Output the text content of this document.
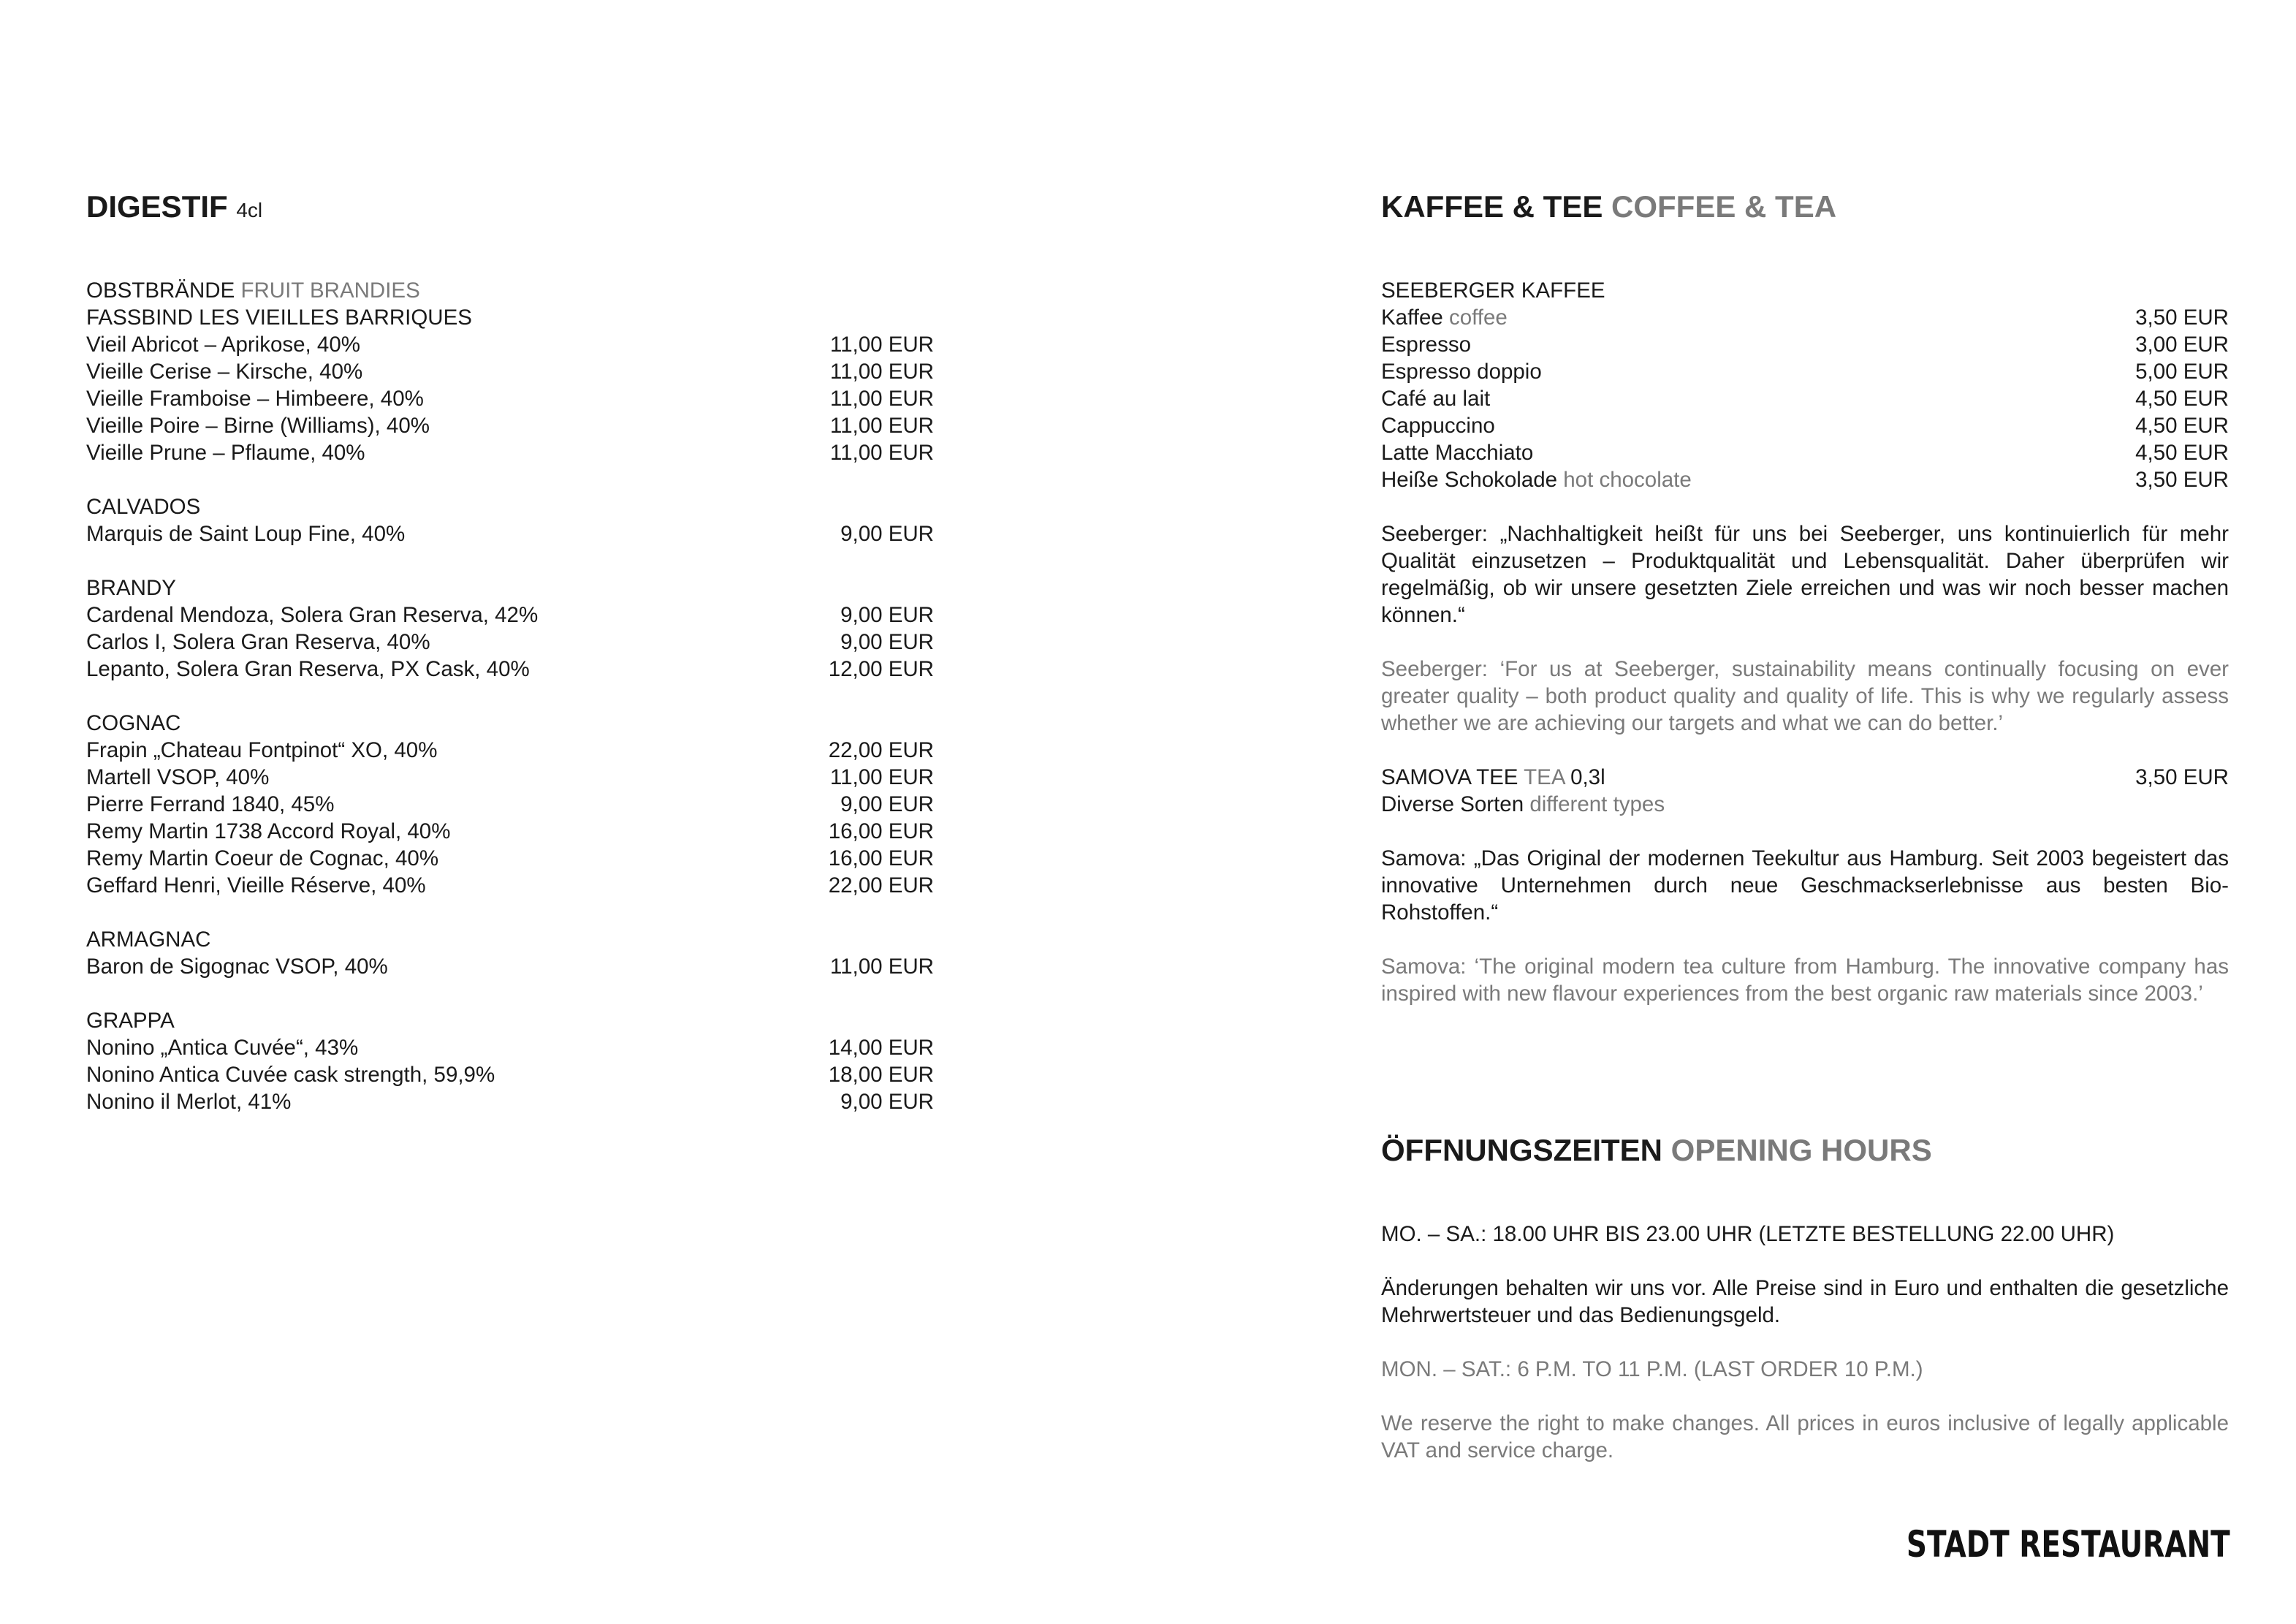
DIGESTIF 4cl
OBSTBRÄNDE FRUIT BRANDIES
FASSBIND LES VIEILLES BARRIQUES
Vieil Abricot – Aprikose, 40%	11,00 EUR
Vieille Cerise – Kirsche, 40%	11,00 EUR
Vieille Framboise – Himbeere, 40%	11,00 EUR
Vieille Poire – Birne (Williams), 40%	11,00 EUR
Vieille Prune – Pflaume, 40%	11,00 EUR
CALVADOS
Marquis de Saint Loup Fine, 40%	9,00 EUR
BRANDY
Cardenal Mendoza, Solera Gran Reserva, 42%	9,00 EUR
Carlos I, Solera Gran Reserva, 40%	9,00 EUR
Lepanto, Solera Gran Reserva, PX Cask, 40%	12,00 EUR
COGNAC
Frapin „Chateau Fontpinot“ XO, 40%	22,00 EUR
Martell VSOP, 40%	11,00 EUR
Pierre Ferrand 1840, 45%	9,00 EUR
Remy Martin 1738 Accord Royal, 40%	16,00 EUR
Remy Martin Coeur de Cognac, 40%	16,00 EUR
Geffard Henri, Vieille Réserve, 40%	22,00 EUR
ARMAGNAC
Baron de Sigognac VSOP, 40%	11,00 EUR
GRAPPA
Nonino „Antica Cuvée“, 43%	14,00 EUR
Nonino Antica Cuvée cask strength, 59,9%	18,00 EUR
Nonino il Merlot, 41%	9,00 EUR
KAFFEE & TEE COFFEE & TEA
SEEBERGER KAFFEE
Kaffee coffee	3,50 EUR
Espresso	3,00 EUR
Espresso doppio	5,00 EUR
Café au lait	4,50 EUR
Cappuccino	4,50 EUR
Latte Macchiato	4,50 EUR
Heiße Schokolade hot chocolate	3,50 EUR

Seeberger: „Nachhaltigkeit heißt für uns bei Seeberger, uns kontinuierlich für mehr Qualität einzusetzen – Produktqualität und Lebensqualität. Daher überprüfen wir regelmäßig, ob wir unsere gesetzten Ziele erreichen und was wir noch besser machen können.“

Seeberger: ‘For us at Seeberger, sustainability means continually focusing on ever greater quality – both product quality and quality of life. This is why we regularly assess whether we are achieving our targets and what we can do better.’

SAMOVA TEE TEA 0,3l	3,50 EUR
Diverse Sorten different types

Samova: „Das Original der modernen Teekultur aus Hamburg. Seit 2003 begeistert das innovative Unternehmen durch neue Geschmackserlebnisse aus besten Bio-Rohstoffen.“

Samova: ‘The original modern tea culture from Hamburg. The innovative company has inspired with new flavour experiences from the best organic raw materials since 2003.’

ÖFFNUNGSZEITEN OPENING HOURS
MO. – SA.: 18.00 UHR BIS 23.00 UHR (LETZTE BESTELLUNG 22.00 UHR)

Änderungen behalten wir uns vor. Alle Preise sind in Euro und enthalten die gesetzliche Mehrwertsteuer und das Bedienungsgeld.

MON. – SAT.: 6 P.M. TO 11 P.M. (LAST ORDER 10 P.M.)

We reserve the right to make changes. All prices in euros inclusive of legally applicable VAT and service charge.

STADT RESTAURANT
